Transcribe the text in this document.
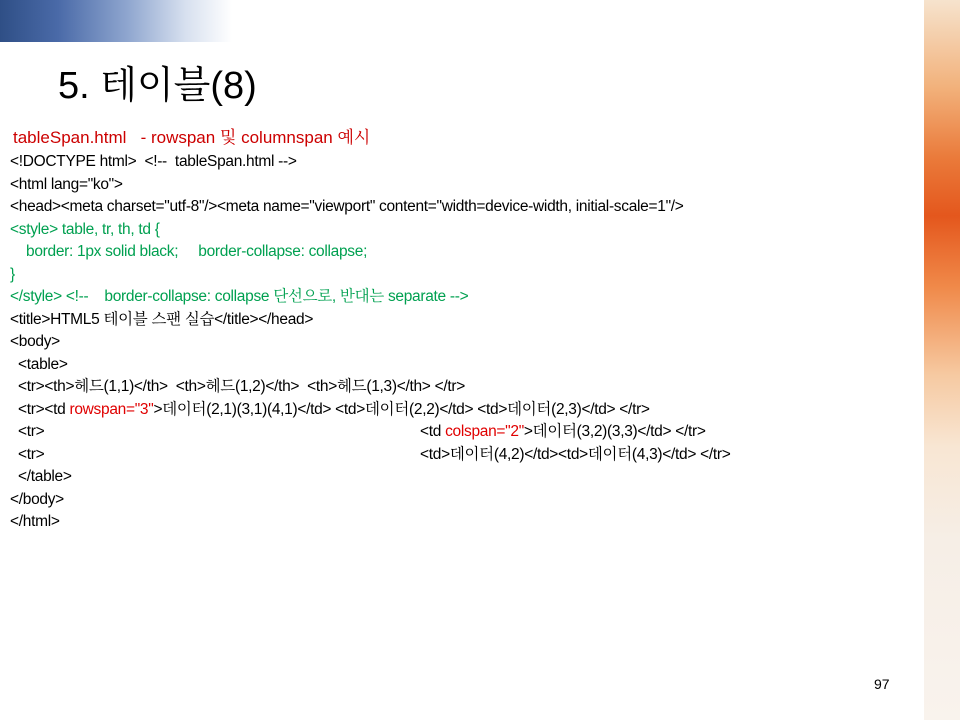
5. 테이블(8)
tableSpan.html   - rowspan 및 columnspan 예시
<!DOCTYPE html>  <!--  tableSpan.html -->
<html lang="ko">
<head><meta charset="utf-8"/><meta name="viewport" content="width=device-width, initial-scale=1"/>
<style> table, tr, th, td {
border: 1px solid black;     border-collapse: collapse;
}
</style> <!--    border-collapse: collapse 단선으로, 반대는 separate -->
<title>HTML5 테이블 스팬 실습</title></head>
<body>
<table>
<tr><th>헤드(1,1)</th>  <th>헤드(1,2)</th>  <th>헤드(1,3)</th> </tr>
<tr><td rowspan="3">데이터(2,1)(3,1)(4,1)</td> <td>데이터(2,2)</td> <td>데이터(2,3)</td> </tr>
<tr>	<td colspan="2">데이터(3,2)(3,3)</td> </tr>
<tr>	<td>데이터(4,2)</td><td>데이터(4,3)</td> </tr>
</table>
</body>
</html>
97
